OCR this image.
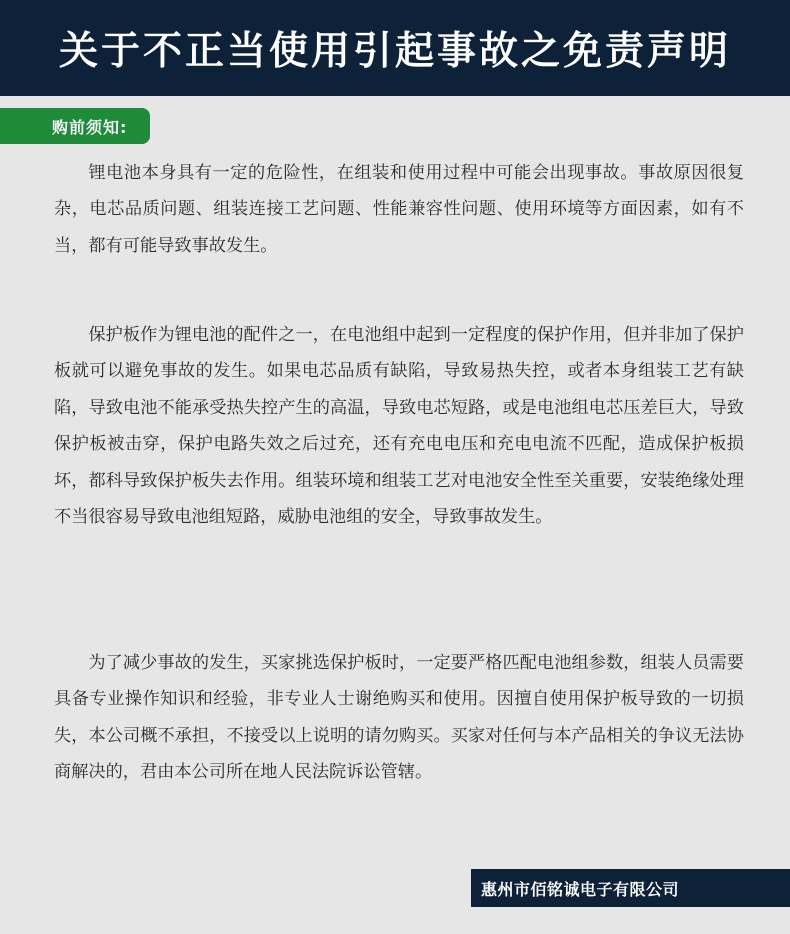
关于不正当使用引起事故之免责声明
购前须知:

锂电池本身具有一定的危险性，在组装和使用过程中可能会出现事故。事故原因很复杂，电芯品质问题、组装连接工艺问题、性能兼容性问题、使用环境等方面因素，如有不当，都有可能导致事故发生。

保护板作为锂电池的配件之一，在电池组中起到一定程度的保护作用，但并非加了保护板就可以避免事故的发生。如果电芯品质有缺陷，导致易热失控，或者本身组装工艺有缺陷，导致电池不能承受热失控产生的高温，导致电芯短路，或是电池组电芯压差巨大，导致保护板被击穿，保护电路失效之后过充，还有充电电压和充电电流不匹配，造成保护板损坏，都科导致保护板失去作用。组装环境和组装工艺对电池安全性至关重要，安装绝缘处理不当很容易导致电池组短路，威胁电池组的安全，导致事故发生。

为了减少事故的发生，买家挑选保护板时，一定要严格匹配电池组参数，组装人员需要具备专业操作知识和经验，非专业人士谢绝购买和使用。因擅自使用保护板导致的一切损失，本公司概不承担，不接受以上说明的请勿购买。买家对任何与本产品相关的争议无法协商解决的，君由本公司所在地人民法院诉讼管辖。

惠州市佰铭诚电子有限公司
